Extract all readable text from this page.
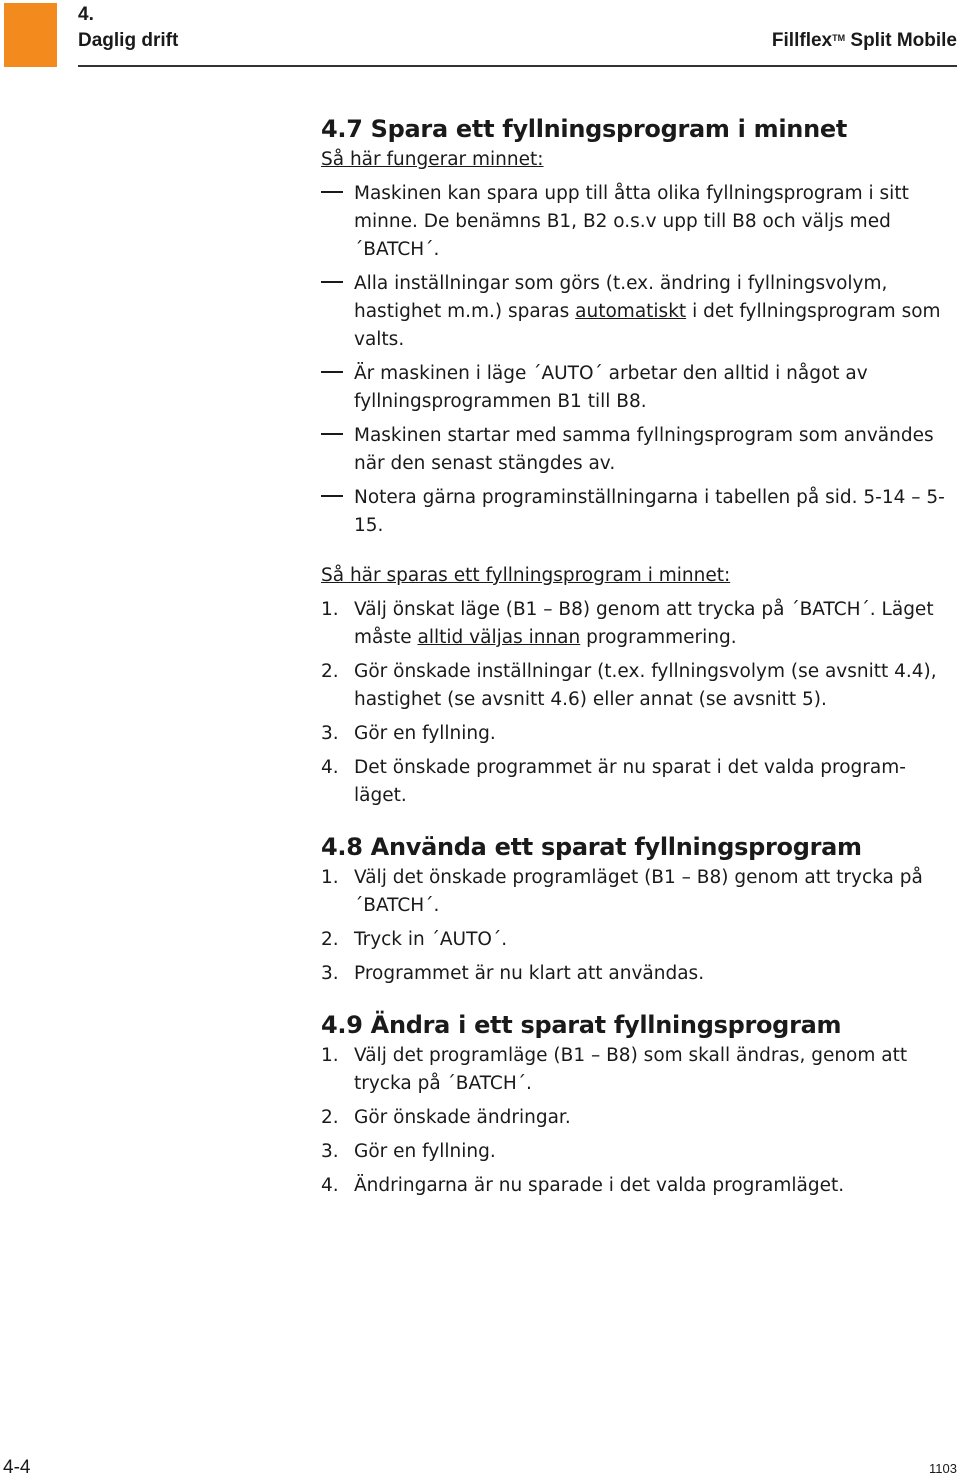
4.
Daglig drift	Fillflex™ Split Mobile
4.7 Spara ett fyllningsprogram i minnet

Så här fungerar minnet:

Maskinen kan spara upp till åtta olika fyllningsprogram i sitt minne. De benämns B1, B2 o.s.v upp till B8 och väljs med ˊBATCHˊ.

Alla inställningar som görs (t.ex. ändring i fyllningsvolym, hastighet m.m.) sparas automatiskt i det fyllningsprogram som valts.

Är maskinen i läge ˊAUTOˊ arbetar den alltid i något av fyllningsprogrammen B1 till B8.

Maskinen startar med samma fyllningsprogram som användes när den senast stängdes av.

Notera gärna programinställningarna i tabellen på sid. 5-14 – 5-15.

Så här sparas ett fyllningsprogram i minnet:

1. Välj önskat läge (B1 – B8) genom att trycka på ˊBATCHˊ. Läget måste alltid väljas innan programmering.

2. Gör önskade inställningar (t.ex. fyllningsvolym (se avsnitt 4.4), hastighet (se avsnitt 4.6) eller annat (se avsnitt 5).

3. Gör en fyllning.

4. Det önskade programmet är nu sparat i det valda program-läget.

4.8 Använda ett sparat fyllningsprogram

1. Välj det önskade programläget (B1 – B8) genom att trycka på ˊBATCHˊ.

2. Tryck in ˊAUTOˊ.

3. Programmet är nu klart att användas.

4.9 Ändra i ett sparat fyllningsprogram

1. Välj det programläge (B1 – B8) som skall ändras, genom att trycka på ˊBATCHˊ.

2. Gör önskade ändringar.

3. Gör en fyllning.

4. Ändringarna är nu sparade i det valda programläget.

4-4	1103
